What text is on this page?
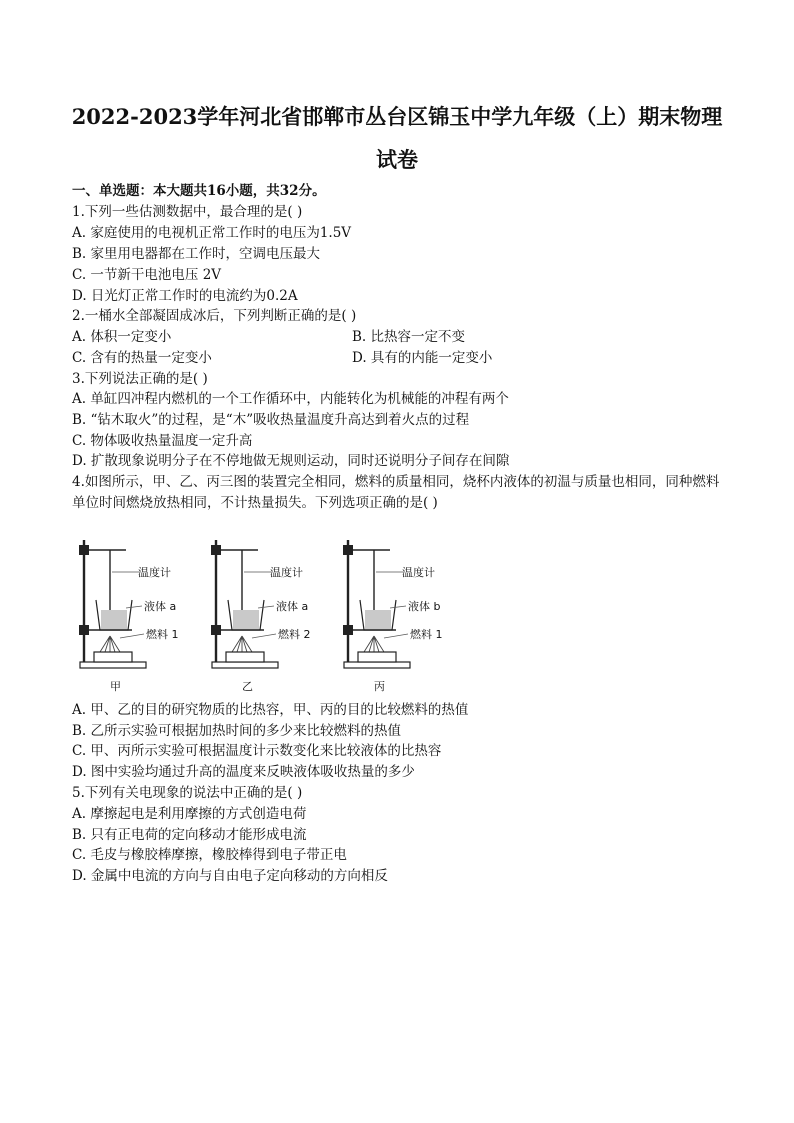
2022-2023学年河北省邯郸市丛台区锦玉中学九年级（上）期末物理
试卷
一、单选题：本大题共16小题，共32分。
1.下列一些估测数据中，最合理的是( )
A. 家庭使用的电视机正常工作时的电压为1.5V
B. 家里用电器都在工作时，空调电压最大
C. 一节新干电池电压 2V
D. 日光灯正常工作时的电流约为0.2A
2.一桶水全部凝固成冰后，下列判断正确的是( )
A. 体积一定变小	B. 比热容一定不变
C. 含有的热量一定变小	D. 具有的内能一定变小
3.下列说法正确的是( )
A. 单缸四冲程内燃机的一个工作循环中，内能转化为机械能的冲程有两个
B. “钻木取火”的过程，是“木”吸收热量温度升高达到着火点的过程
C. 物体吸收热量温度一定升高
D. 扩散现象说明分子在不停地做无规则运动，同时还说明分子间存在间隙
4.如图所示，甲、乙、丙三图的装置完全相同，燃料的质量相同，烧杯内液体的初温与质量也相同，同种燃料单位时间燃烧放热相同，不计热量损失。下列选项正确的是( )
温度计
液体 a
燃料 1
甲
温度计
液体 a
燃料 2
乙
温度计
液体 b
燃料 1
丙
A. 甲、乙的目的研究物质的比热容，甲、丙的目的比较燃料的热值
B. 乙所示实验可根据加热时间的多少来比较燃料的热值
C. 甲、丙所示实验可根据温度计示数变化来比较液体的比热容
D. 图中实验均通过升高的温度来反映液体吸收热量的多少
5.下列有关电现象的说法中正确的是( )
A. 摩擦起电是利用摩擦的方式创造电荷
B. 只有正电荷的定向移动才能形成电流
C. 毛皮与橡胶棒摩擦，橡胶棒得到电子带正电
D. 金属中电流的方向与自由电子定向移动的方向相反
